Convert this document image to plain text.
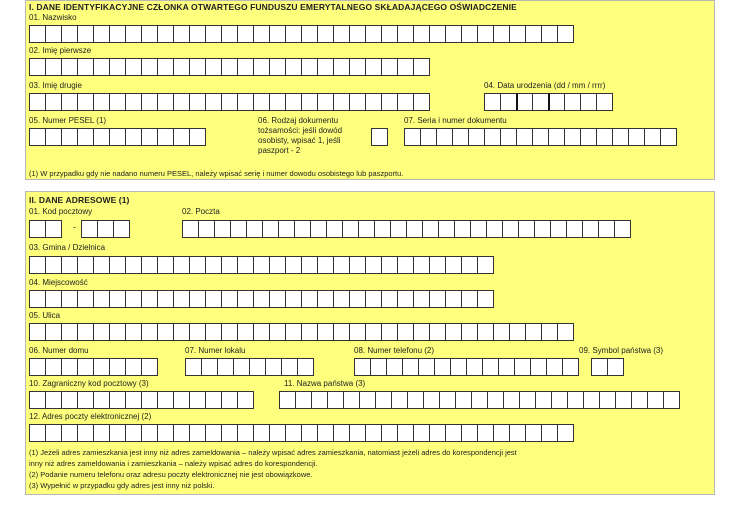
I. DANE IDENTYFIKACYJNE CZŁONKA OTWARTEGO FUNDUSZU EMERYTALNEGO SKŁADAJĄCEGO OŚWIADCZENIE
01. Nazwisko
02. Imię pierwsze
03. Imię drugie	04. Data urodzenia (dd / mm / rrrr)
05. Numer PESEL (1)	06. Rodzaj dokumentu
tożsamości: jeśli dowód
osobisty, wpisać 1, jeśli
paszport - 2
07. Seria i numer dokumentu
(1) W przypadku gdy nie nadano numeru PESEL, należy wpisać serię i numer dowodu osobistego lub paszportu.
II. DANE ADRESOWE (1)
01. Kod pocztowy
-
02. Poczta
03. Gmina / Dzielnica
04. Miejscowość
05. Ulica
06. Numer domu	07. Numer lokalu	08. Numer telefonu (2)	09. Symbol państwa (3)
10. Zagraniczny kod pocztowy (3)	11. Nazwa państwa (3)
12. Adres poczty elektronicznej (2)
(1) Jeżeli adres zamieszkania jest inny niż adres zameldowania – należy wpisać adres zamieszkania, natomiast jeżeli adres do korespondencji jest
inny niż adres zameldowania i zamieszkania – należy wpisać adres do korespondencji.
(2) Podanie numeru telefonu oraz adresu poczty elektronicznej nie jest obowiązkowe.
(3) Wypełnić w przypadku gdy adres jest inny niż polski.
